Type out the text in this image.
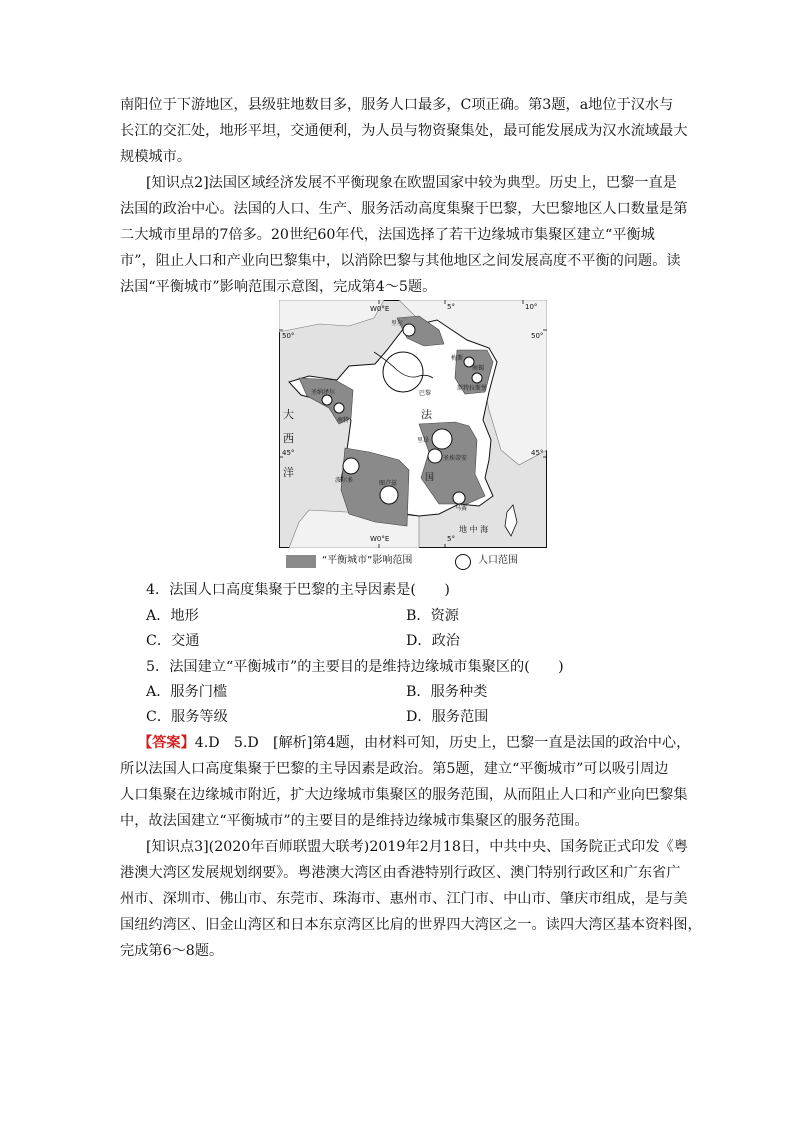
南阳位于下游地区，县级驻地数目多，服务人口最多，C项正确。第3题，a地位于汉水与
长江的交汇处，地形平坦，交通便利，为人员与物资聚集处，最可能发展成为汉水流域最大
规模城市。
[知识点2]法国区域经济发展不平衡现象在欧盟国家中较为典型。历史上，巴黎一直是
法国的政治中心。法国的人口、生产、服务活动高度集聚于巴黎，大巴黎地区人口数量是第
二大城市里昂的7倍多。20世纪60年代，法国选择了若干边缘城市集聚区建立“平衡城
市”，阻止人口和产业向巴黎集中，以消除巴黎与其他地区之间发展高度不平衡的问题。读
法国“平衡城市”影响范围示意图，完成第4～5题。
W0°E	5°	10°
W0°E	5°
50°	50°
45°	45°
里尔
梅斯
南锡
斯特拉斯堡
巴黎
圣纳泽尔
南特
里昂
圣埃蒂安
波尔多	图卢兹
马赛
大
西
洋
法
国
地 中 海
“平衡城市”影响范围	人口范围
4．法国人口高度集聚于巴黎的主导因素是(　　)
A．地形	B．资源
C．交通	D．政治
5．法国建立“平衡城市”的主要目的是维持边缘城市集聚区的(　　)
A．服务门槛	B．服务种类
C．服务等级	D．服务范围
【答案】4.D　5.D　[解析]第4题，由材料可知，历史上，巴黎一直是法国的政治中心，
所以法国人口高度集聚于巴黎的主导因素是政治。第5题，建立“平衡城市”可以吸引周边
人口集聚在边缘城市附近，扩大边缘城市集聚区的服务范围，从而阻止人口和产业向巴黎集
中，故法国建立“平衡城市”的主要目的是维持边缘城市集聚区的服务范围。
[知识点3](2020年百师联盟大联考)2019年2月18日，中共中央、国务院正式印发《粤
港澳大湾区发展规划纲要》。粤港澳大湾区由香港特别行政区、澳门特别行政区和广东省广
州市、深圳市、佛山市、东莞市、珠海市、惠州市、江门市、中山市、肇庆市组成，是与美
国纽约湾区、旧金山湾区和日本东京湾区比肩的世界四大湾区之一。读四大湾区基本资料图，
完成第6～8题。
